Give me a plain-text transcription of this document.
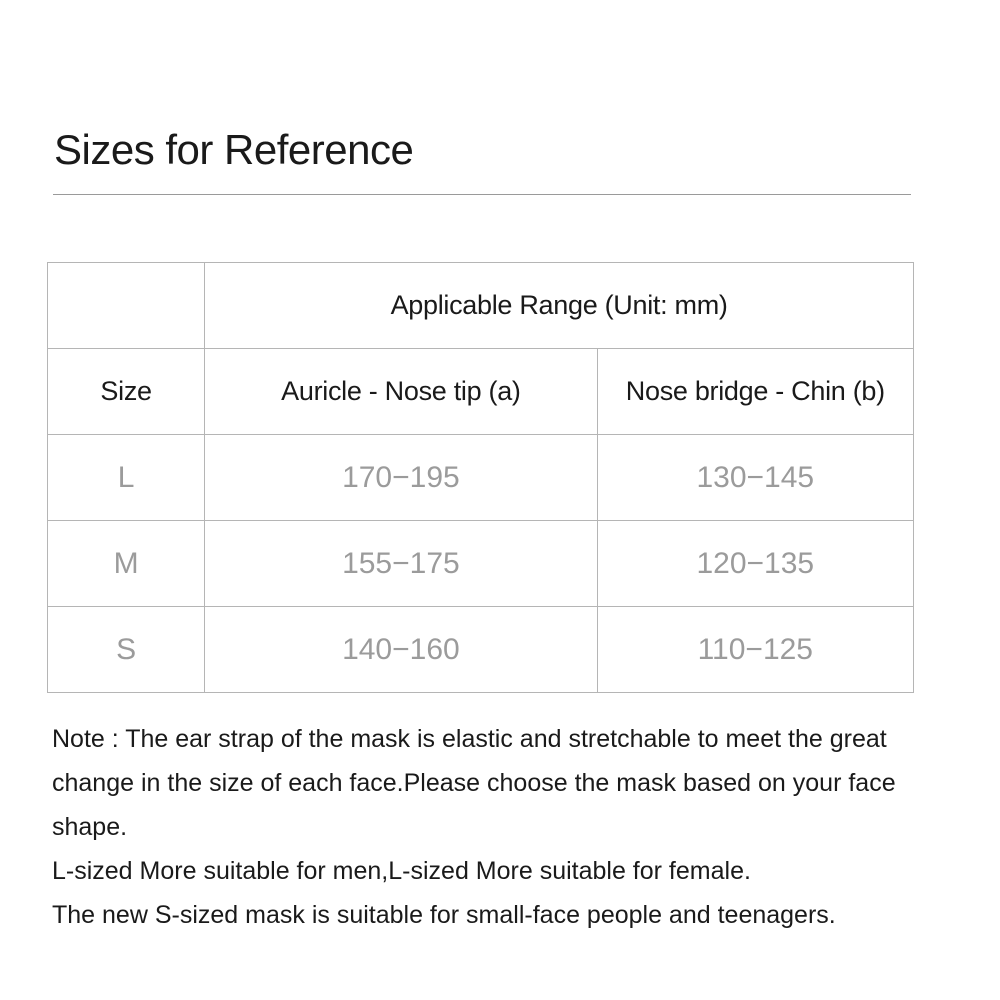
Sizes for Reference
	Applicable Range (Unit: mm)	
Size	Auricle - Nose tip (a)	Nose bridge - Chin (b)
L	170−195	130−145
M	155−175	120−135
S	140−160	110−125

Note : The ear strap of the mask is elastic and stretchable to meet the great change in the size of each face.Please choose the mask based on your face shape.

L-sized More suitable for men,L-sized More suitable for female.

The new S-sized mask is suitable for small-face people and teenagers.
